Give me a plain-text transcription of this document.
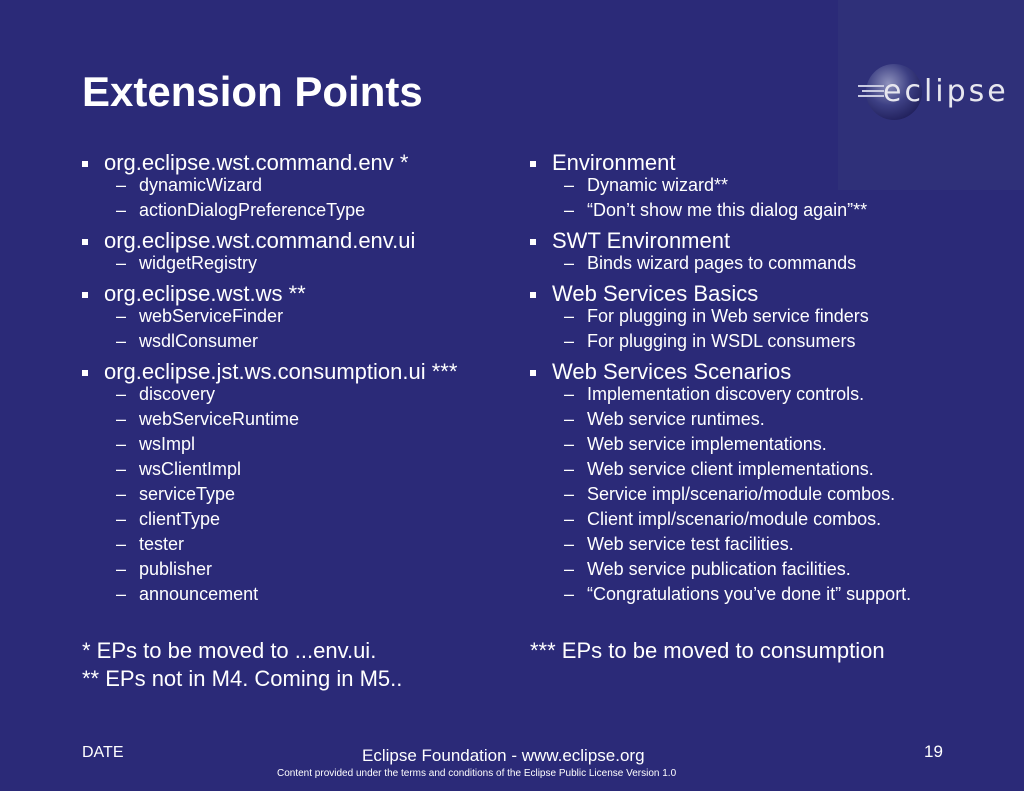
Extension Points	eclipse
org.eclipse.wst.command.env *
– dynamicWizard
– actionDialogPreferenceType
org.eclipse.wst.command.env.ui
– widgetRegistry
org.eclipse.wst.ws **
– webServiceFinder
– wsdlConsumer
org.eclipse.jst.ws.consumption.ui ***
– discovery
– webServiceRuntime
– wsImpl
– wsClientImpl
– serviceType
– clientType
– tester
– publisher
– announcement
Environment
– Dynamic wizard**
– “Don’t show me this dialog again”**
SWT Environment
– Binds wizard pages to commands
Web Services Basics
– For plugging in Web service finders
– For plugging in WSDL consumers
Web Services Scenarios
– Implementation discovery controls.
– Web service runtimes.
– Web service implementations.
– Web service client implementations.
– Service impl/scenario/module combos.
– Client impl/scenario/module combos.
– Web service test facilities.
– Web service publication facilities.
– “Congratulations you’ve done it” support.
* EPs to be moved to ...env.ui.
** EPs not in M4. Coming in M5..
*** EPs to be moved to consumption
DATE	Eclipse Foundation - www.eclipse.org	19
Content provided under the terms and conditions of the Eclipse Public License Version 1.0
